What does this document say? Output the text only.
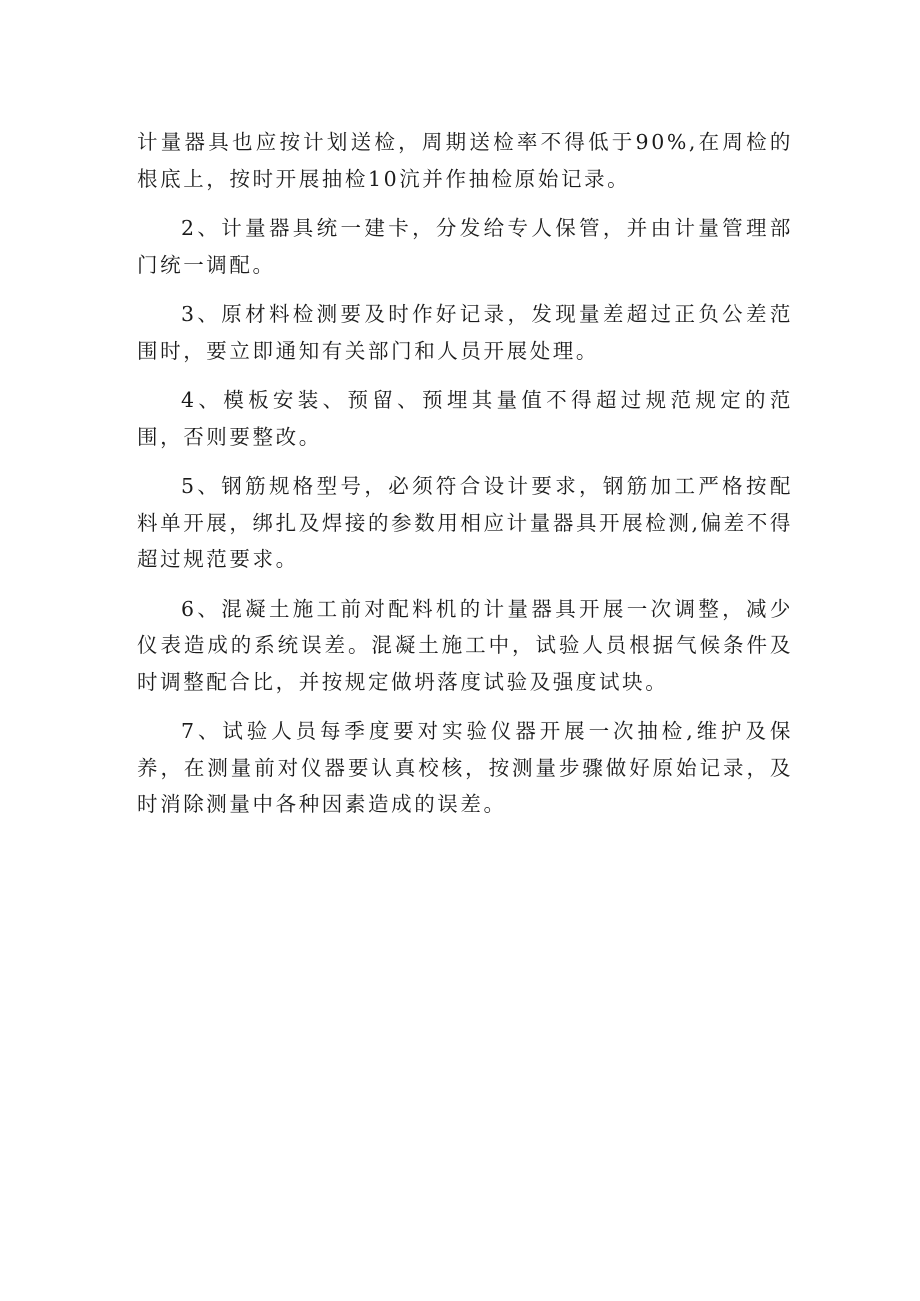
计量器具也应按计划送检，周期送检率不得低于90%,在周检的根底上，按时开展抽检10沆并作抽检原始记录。

2、计量器具统一建卡，分发给专人保管，并由计量管理部门统一调配。

3、原材料检测要及时作好记录，发现量差超过正负公差范围时，要立即通知有关部门和人员开展处理。

4、模板安装、预留、预埋其量值不得超过规范规定的范围，否则要整改。

5、钢筋规格型号，必须符合设计要求，钢筋加工严格按配料单开展，绑扎及焊接的参数用相应计量器具开展检测,偏差不得超过规范要求。

6、混凝土施工前对配料机的计量器具开展一次调整，减少仪表造成的系统误差。混凝土施工中，试验人员根据气候条件及时调整配合比，并按规定做坍落度试验及强度试块。

7、试验人员每季度要对实验仪器开展一次抽检,维护及保养，在测量前对仪器要认真校核，按测量步骤做好原始记录，及时消除测量中各种因素造成的误差。
